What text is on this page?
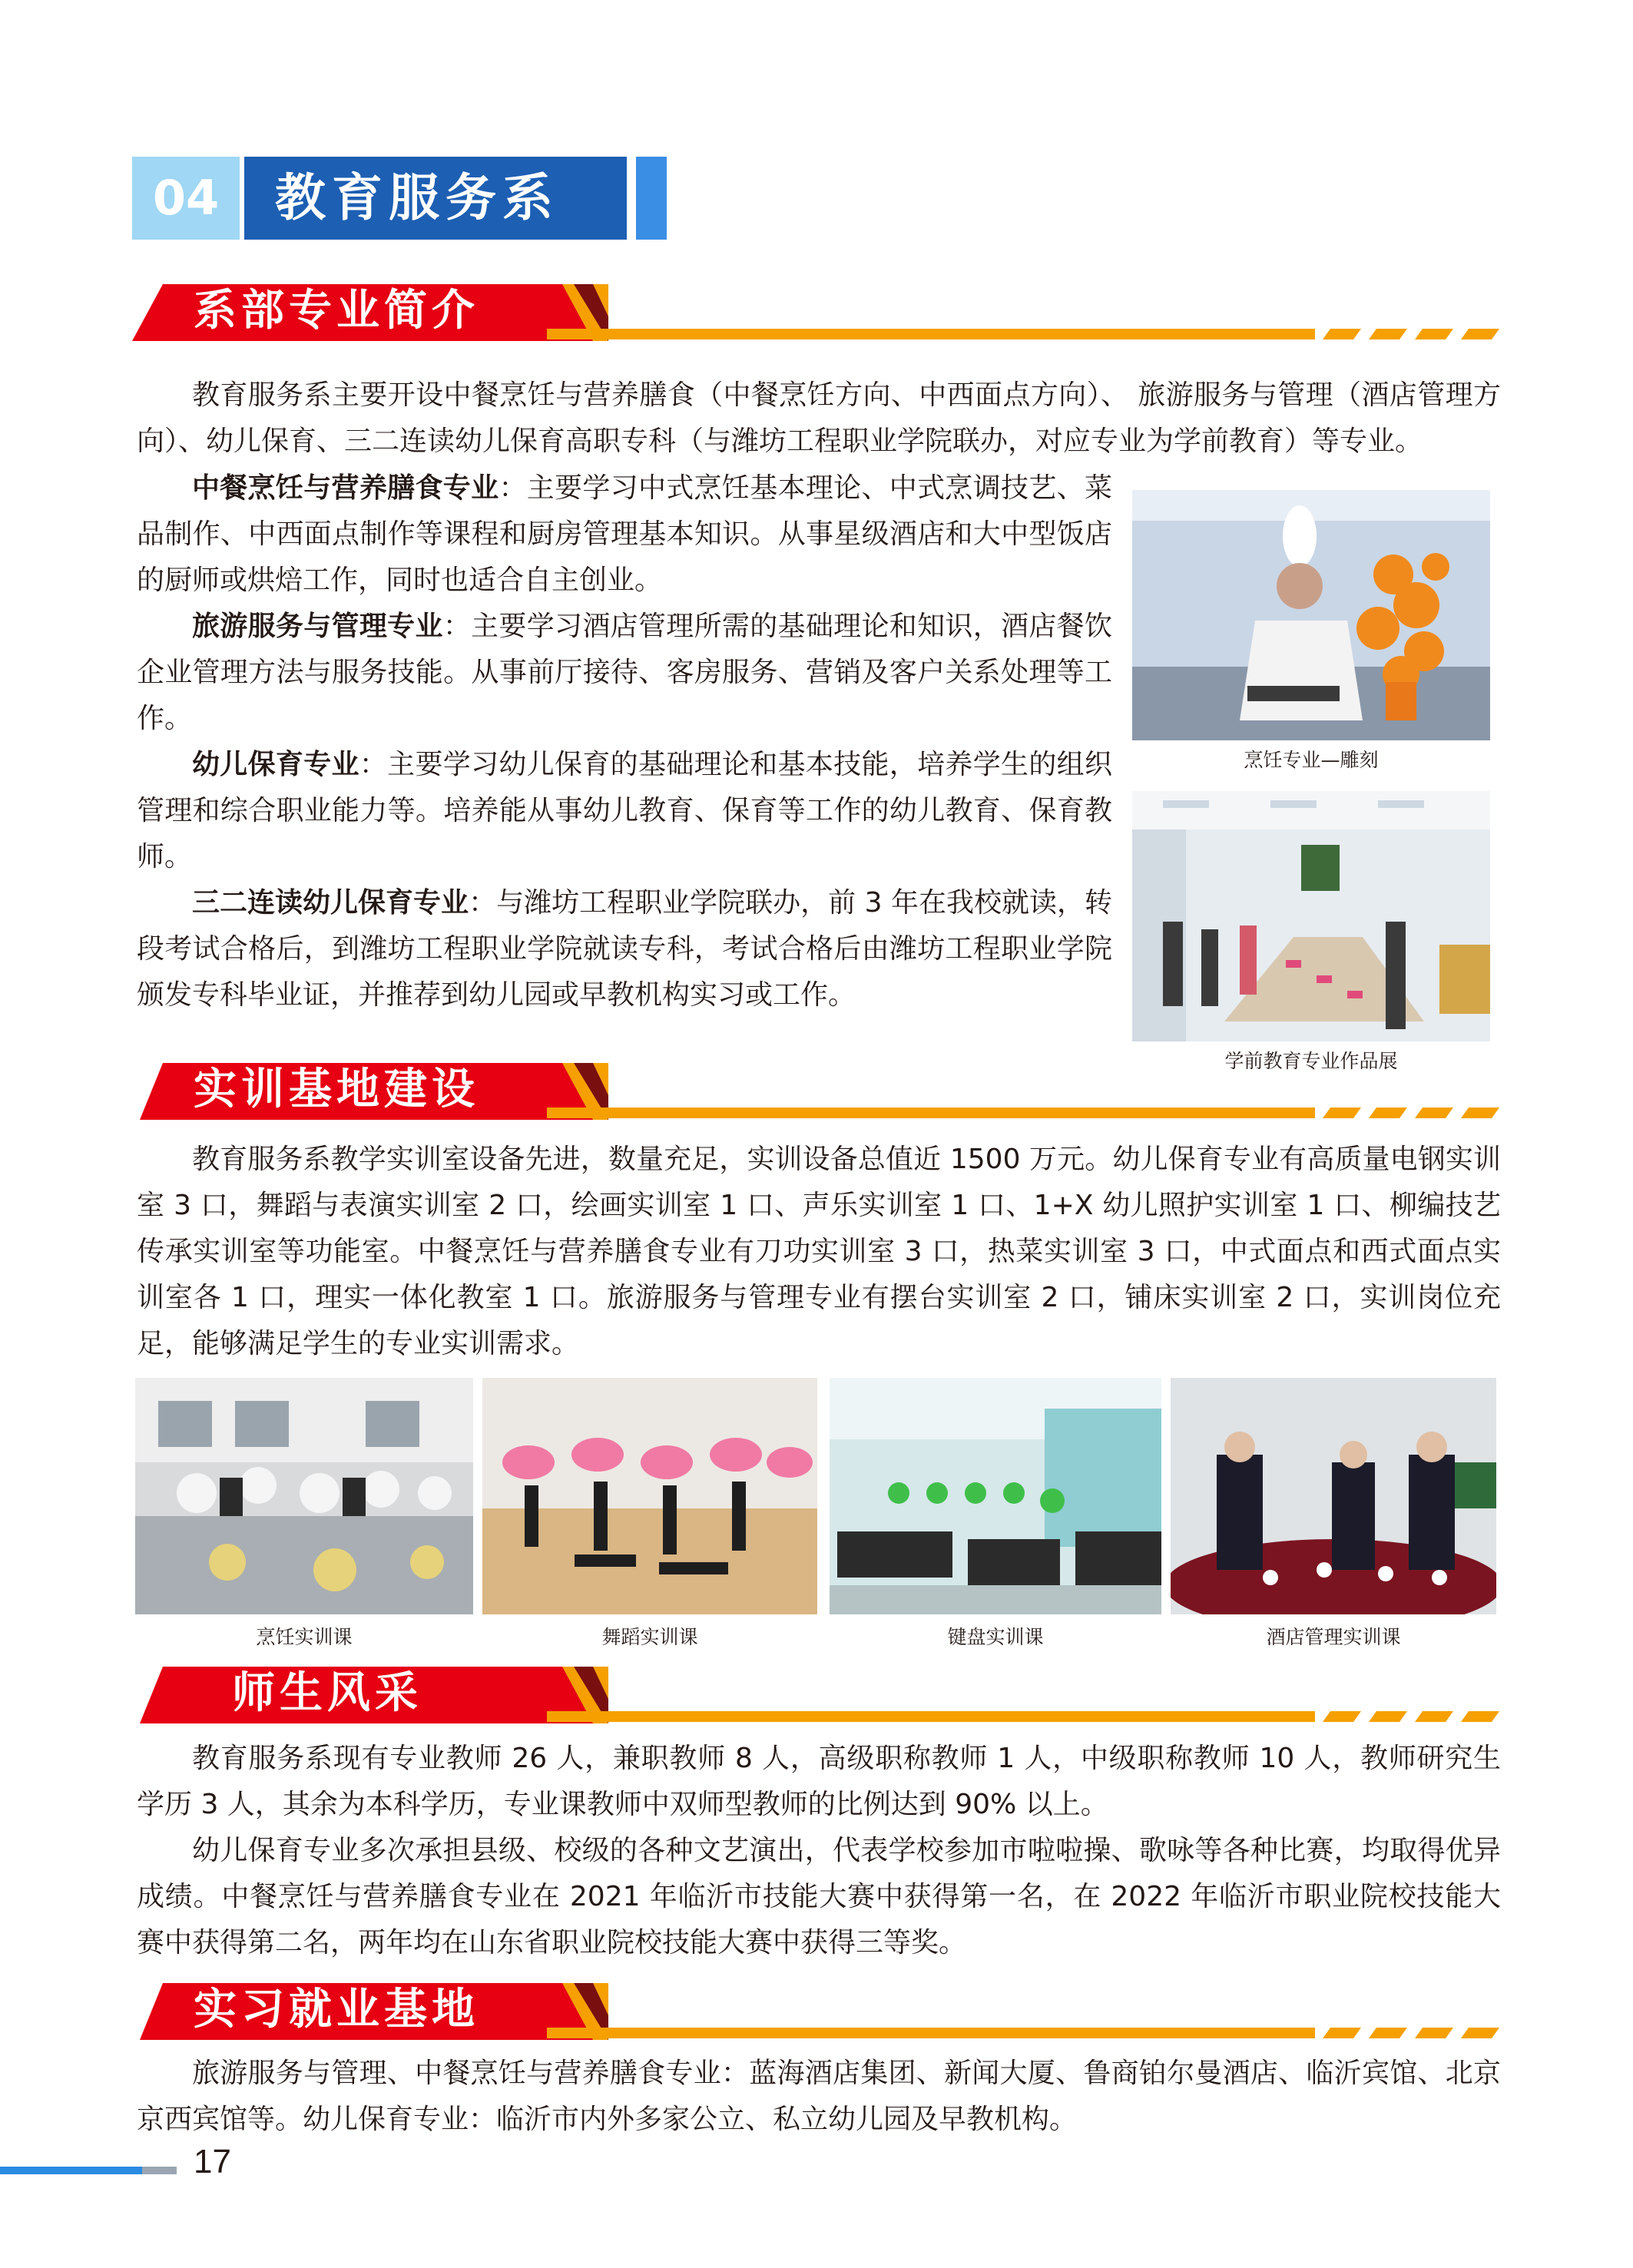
04	教育服务系
系部专业简介

教育服务系主要开设中餐烹饪与营养膳食（中餐烹饪方向、中西面点方向）、 旅游服务与管理（酒店管理方向）、幼儿保育、三二连读幼儿保育高职专科（与潍坊工程职业学院联办，对应专业为学前教育）等专业。

中餐烹饪与营养膳食专业：主要学习中式烹饪基本理论、中式烹调技艺、菜品制作、中西面点制作等课程和厨房管理基本知识。从事星级酒店和大中型饭店的厨师或烘焙工作，同时也适合自主创业。

旅游服务与管理专业：主要学习酒店管理所需的基础理论和知识，酒店餐饮企业管理方法与服务技能。从事前厅接待、客房服务、营销及客户关系处理等工作。

幼儿保育专业：主要学习幼儿保育的基础理论和基本技能，培养学生的组织管理和综合职业能力等。培养能从事幼儿教育、保育等工作的幼儿教育、保育教师。

三二连读幼儿保育专业：与潍坊工程职业学院联办，前 3 年在我校就读，转段考试合格后，到潍坊工程职业学院就读专科，考试合格后由潍坊工程职业学院颁发专科毕业证，并推荐到幼儿园或早教机构实习或工作。

烹饪专业—雕刻
学前教育专业作品展
实训基地建设

教育服务系教学实训室设备先进，数量充足，实训设备总值近 1500 万元。幼儿保育专业有高质量电钢实训室 3 口，舞蹈与表演实训室 2 口，绘画实训室 1 口、声乐实训室 1 口、1+X 幼儿照护实训室 1 口、柳编技艺传承实训室等功能室。中餐烹饪与营养膳食专业有刀功实训室 3 口，热菜实训室 3 口，中式面点和西式面点实训室各 1 口，理实一体化教室 1 口。旅游服务与管理专业有摆台实训室 2 口，铺床实训室 2 口，实训岗位充足，能够满足学生的专业实训需求。

烹饪实训课	舞蹈实训课	键盘实训课	酒店管理实训课
师生风采

教育服务系现有专业教师 26 人，兼职教师 8 人，高级职称教师 1 人，中级职称教师 10 人，教师研究生学历 3 人，其余为本科学历，专业课教师中双师型教师的比例达到 90% 以上。

幼儿保育专业多次承担县级、校级的各种文艺演出，代表学校参加市啦啦操、歌咏等各种比赛，均取得优异成绩。中餐烹饪与营养膳食专业在 2021 年临沂市技能大赛中获得第一名，在 2022 年临沂市职业院校技能大赛中获得第二名，两年均在山东省职业院校技能大赛中获得三等奖。

实习就业基地

旅游服务与管理、中餐烹饪与营养膳食专业：蓝海酒店集团、新闻大厦、鲁商铂尔曼酒店、临沂宾馆、北京京西宾馆等。幼儿保育专业：临沂市内外多家公立、私立幼儿园及早教机构。

17
